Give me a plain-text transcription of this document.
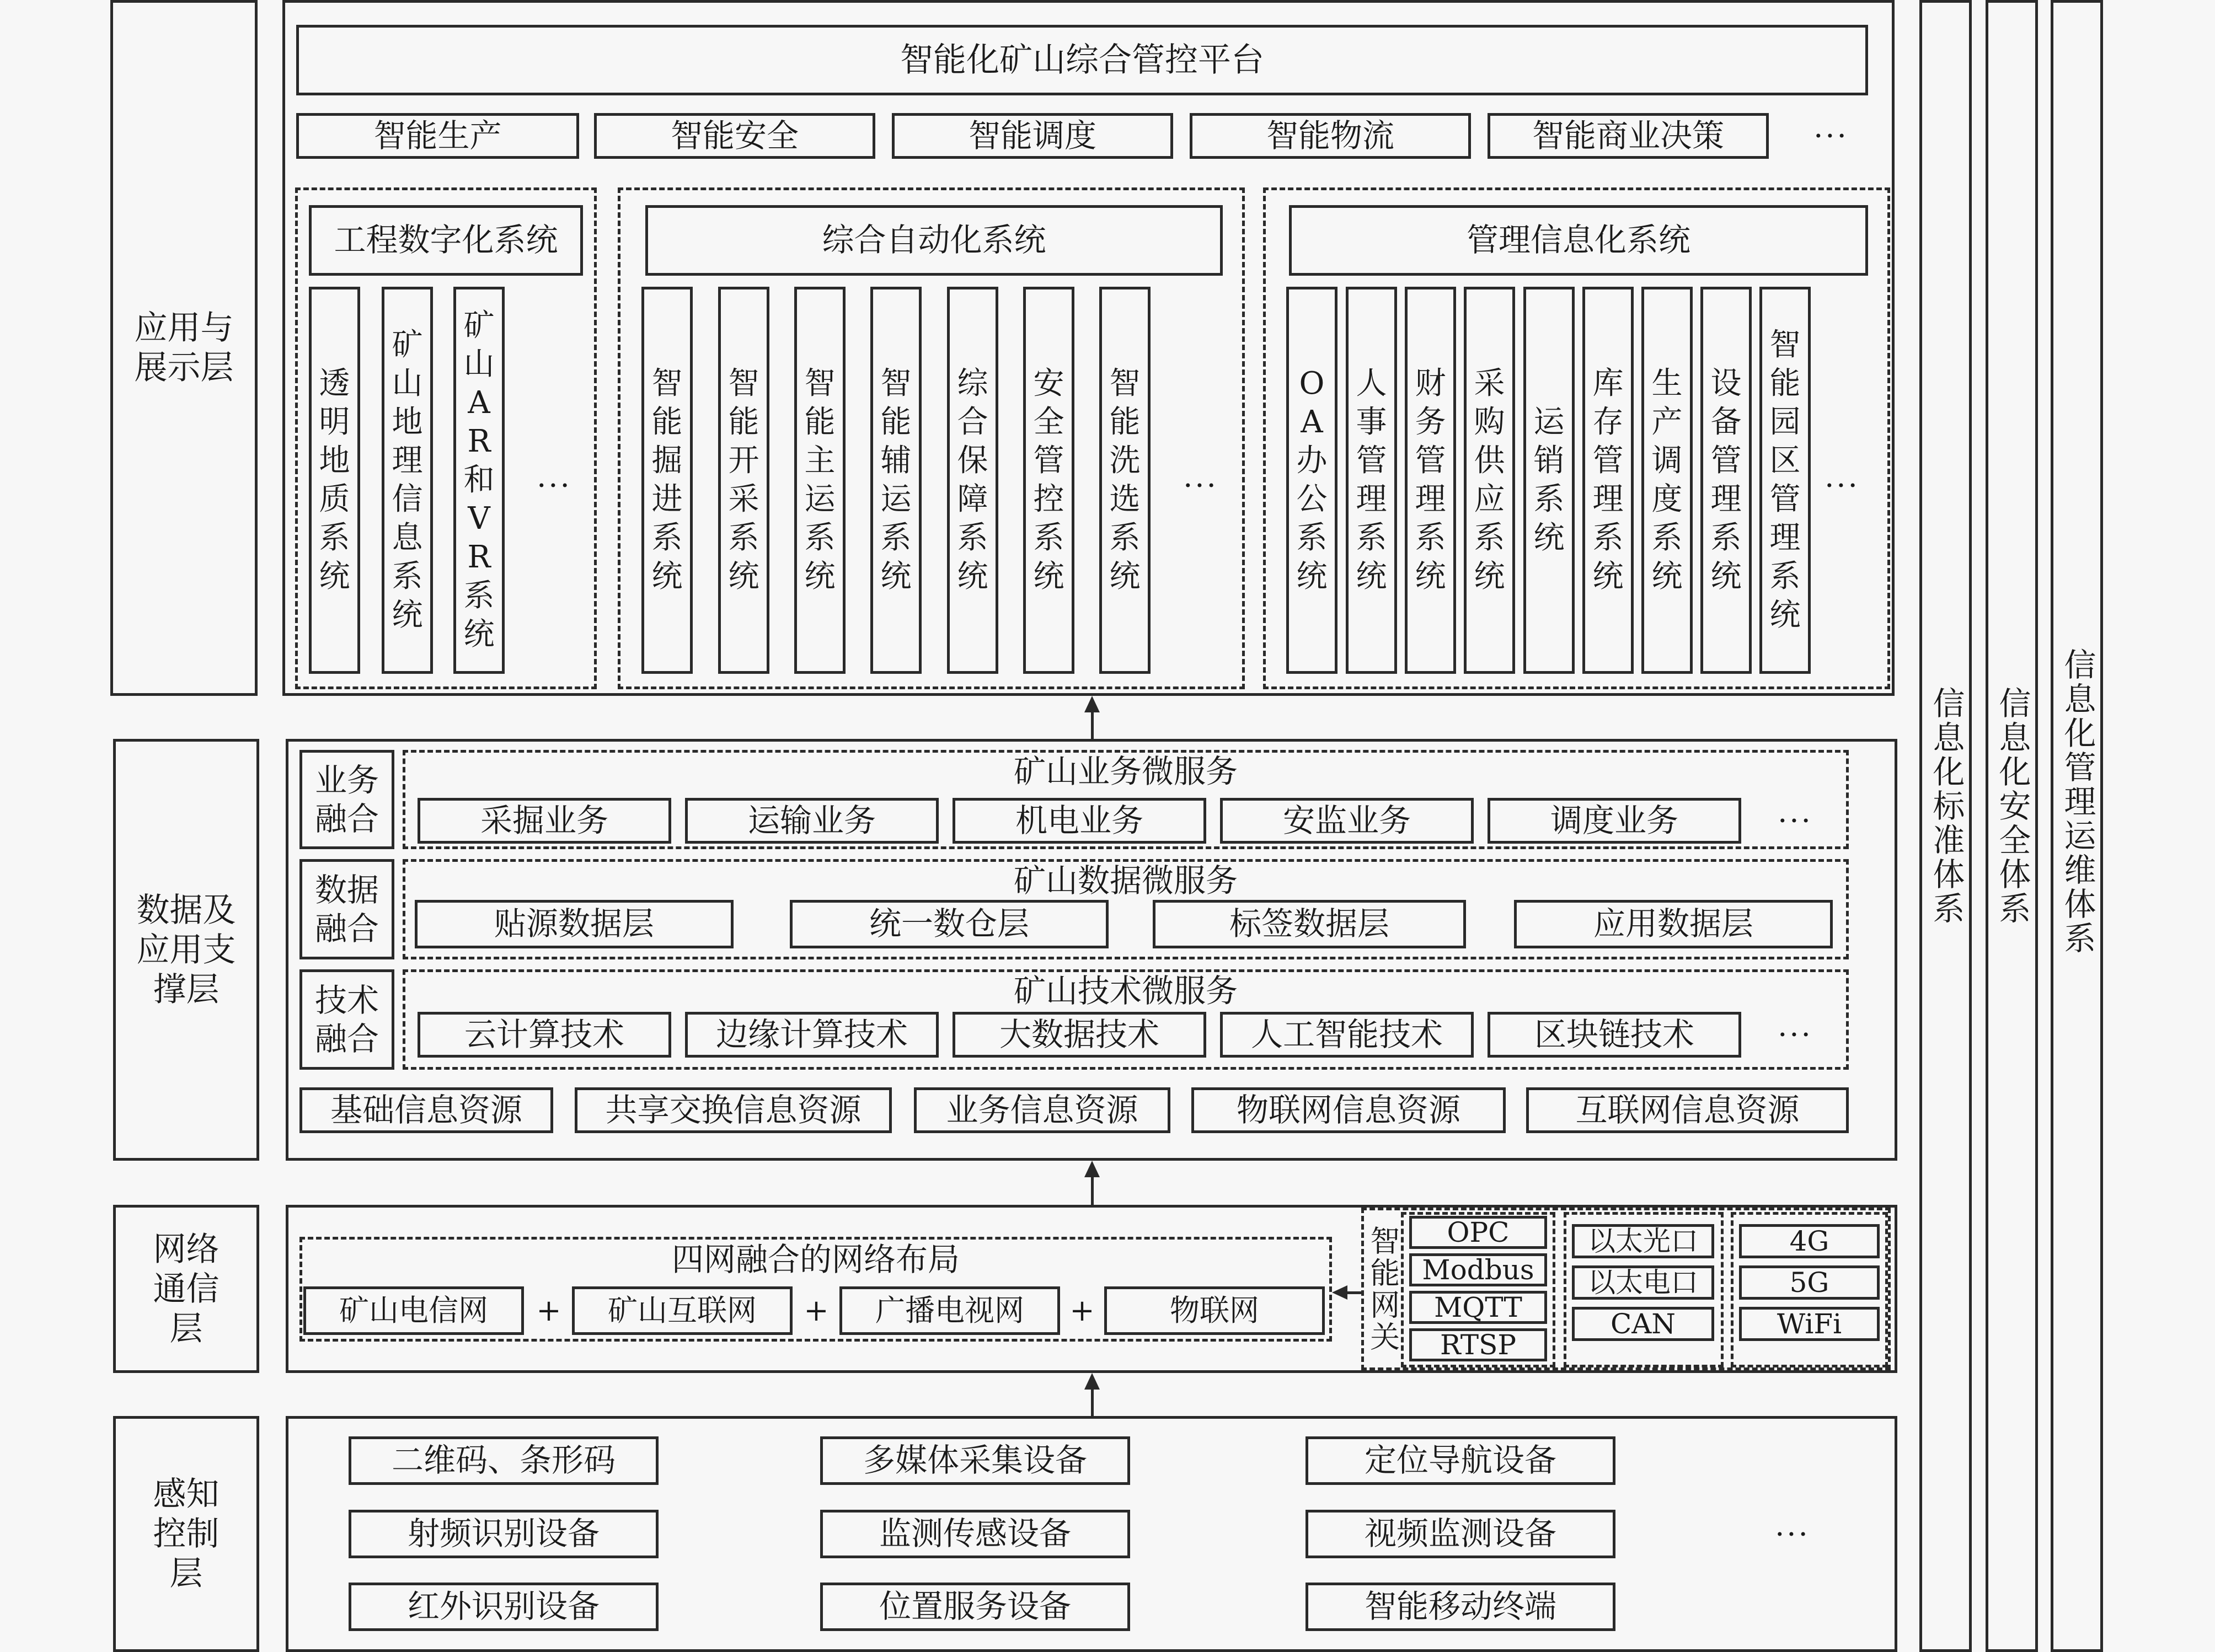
应用与展示层
数据及应用支撑层
网络通信层
感知控制层
信息化标准体系 信息化安全体系 信息化管理运维体系
智能化矿山综合管控平台
智能生产	智能安全	智能调度	智能物流	智能商业决策	···
工程数字化系统
透明地质系统
矿山地理信息系统
矿山AR和VR系统
···
综合自动化系统
智能掘进系统
智能开采系统
智能主运系统
智能辅运系统
综合保障系统
安全管控系统
智能洗选系统
···
管理信息化系统
OA办公系统
人事管理系统
财务管理系统
采购供应系统
运销系统
库存管理系统
生产调度系统
设备管理系统
智能园区管理系统
···
业务融合
矿山业务微服务
采掘业务	运输业务	机电业务	安监业务	调度业务	···
数据融合
矿山数据微服务
贴源数据层	统一数仓层	标签数据层	应用数据层
技术融合
矿山技术微服务
云计算技术	边缘计算技术	大数据技术	人工智能技术	区块链技术	···
基础信息资源	共享交换信息资源	业务信息资源	物联网信息资源	互联网信息资源
四网融合的网络布局
矿山电信网 + 矿山互联网 + 广播电视网 +	物联网	智能网关 OPC
Modbus
MQTT
RTSP
以太光口
以太电口
CAN
4G
5G
WiFi
二维码、条形码	多媒体采集设备	定位导航设备
射频识别设备	监测传感设备	视频监测设备	···
红外识别设备	位置服务设备	智能移动终端
